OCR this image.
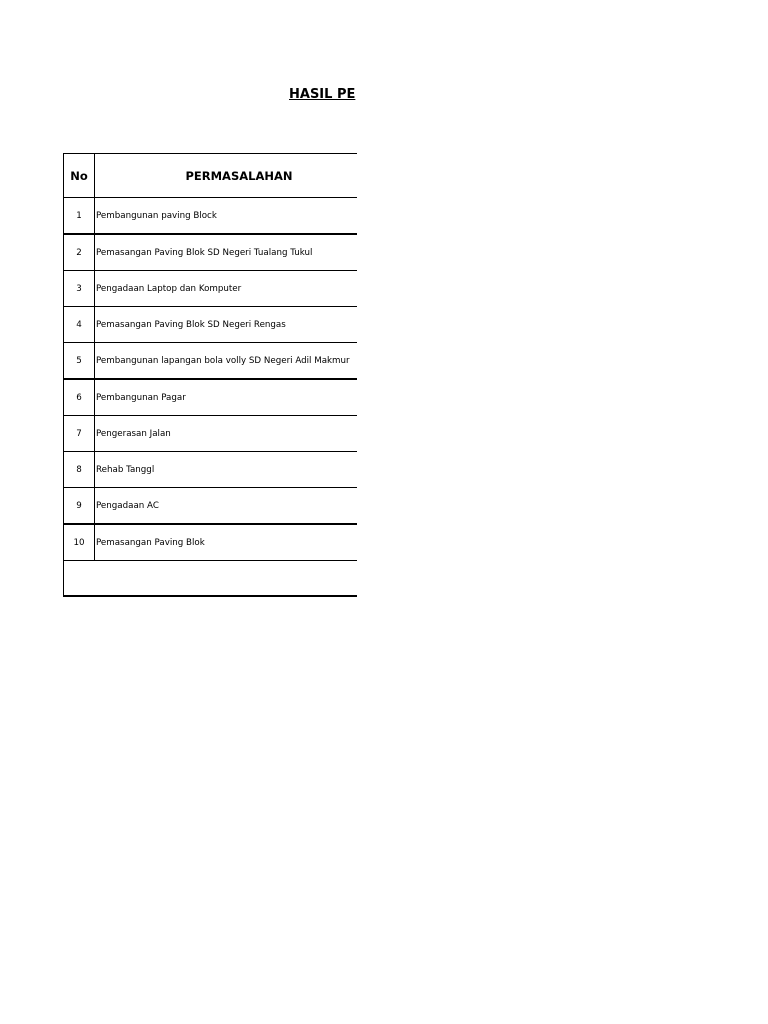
HASIL PE
No	PERMASALAHAN
1	Pembangunan paving Block
2	Pemasangan Paving Blok SD Negeri Tualang Tukul
3	Pengadaan Laptop dan Komputer
4	Pemasangan Paving Blok SD Negeri Rengas
5	Pembangunan lapangan bola volly SD Negeri Adil Makmur
6	Pembangunan Pagar
7	Pengerasan Jalan
8	Rehab Tanggl
9	Pengadaan AC
10	Pemasangan Paving Blok
